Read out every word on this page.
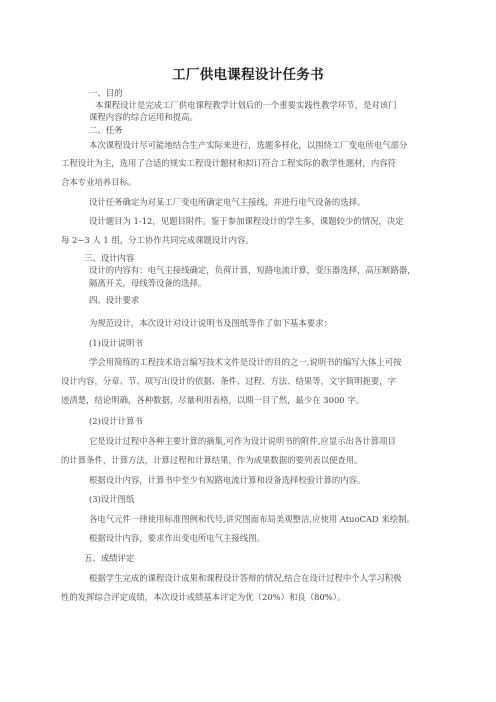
工厂供电课程设计任务书
一、目的
本课程设计是完成工厂供电课程教学计划后的一个重要实践性教学环节，是对该门
课程内容的综合运用和提高。
二、任务
本次课程设计尽可能地结合生产实际来进行，选题多样化，以围绕工厂变电所电气部分
工程设计为主，选用了合适的规实工程设计题材和拟订符合工程实际的教学性题材，内容符
合本专业培养目标。
设计任务确定为对某工厂变电所确定电气主接线，并进行电气设备的选择。
设计题目为 1-12，见题目附件。鉴于参加课程设计的学生多，课题较少的情况，决定
每 2~3 人 1 组，分工协作共同完成课题设计内容。
三、设计内容
设计的内容有：电气主接线确定，负荷计算，短路电流计算，变压器选择，高压断路器，
隔离开关，母线等设备的选择。
四、设计要求
为规范设计，本次设计对设计说明书及图纸等作了如下基本要求：
(1)设计说明书
学会用简练的工程技术语言编写技术文件是设计的目的之一,说明书的编写大体上可按
设计内容，分章、节、项写出设计的依据、条件、过程、方法、结果等，文字简明扼要，字
迹清楚，结论明确，各种数据，尽量利用表格，以期一目了然，最少在 3000 字。
(2)设计计算书
它是设计过程中各种主要计算的摘集,可作为设计说明书的附件,应显示出各计算项目
的计算条件，计算方法，计算过程和计算结果，作为成果数据的要列表以便查用。
根据设计内容，计算书中至少有短路电流计算和设备选择校验计算的内容。
(3)设计图纸
各电气元件一律使用标准图例和代号,讲究图面布局美观整洁,应使用 AtuoCAD 来绘制。
根据设计内容，要求作出变电所电气主接线图。
五、成绩评定
根据学生完成的课程设计成果和课程设计答辩的情况,结合在设计过程中个人学习积极
性的发挥综合评定成绩，本次设计成绩基本评定为优（20%）和良（80%）。
